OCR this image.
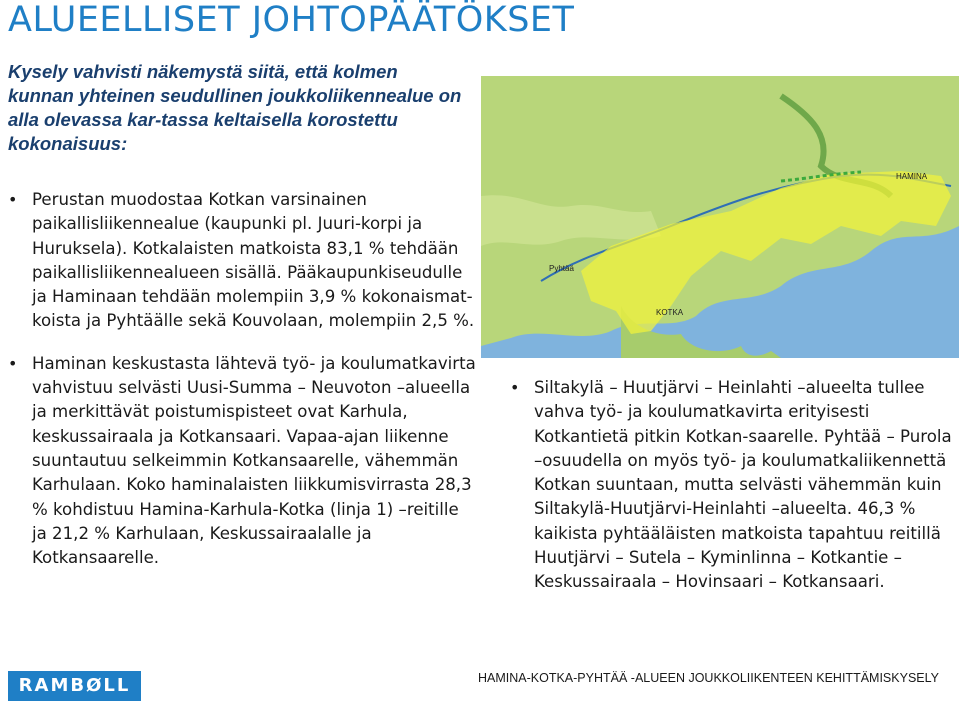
ALUEELLISET JOHTOPÄÄTÖKSET
Kysely vahvisti näkemystä siitä, että kolmen kunnan yhteinen seudullinen joukkoliikennealue on alla olevassa kar-tassa keltaisella korostettu kokonaisuus:
• Perustan muodostaa Kotkan varsinainen paikallisliikennealue (kaupunki pl. Juuri-korpi ja Huruksela). Kotkalaisten matkoista 83,1 % tehdään paikallisliikennealueen sisällä. Pääkaupunkiseudulle ja Haminaan tehdään molempiin 3,9 % kokonaismat-koista ja Pyhtäälle sekä Kouvolaan, molempiin 2,5 %.
• Haminan keskustasta lähtevä työ- ja koulumatkavirta vahvistuu selvästi Uusi-Summa – Neuvoton –alueella ja merkittävät poistumispisteet ovat Karhula, keskussairaala ja Kotkansaari. Vapaa-ajan liikenne suuntautuu selkeimmin Kotkansaarelle, vähemmän Karhulaan. Koko haminalaisten liikkumisvirrasta 28,3 % kohdistuu Hamina-Karhula-Kotka (linja 1) –reitille ja 21,2 % Karhulaan, Keskussairaalalle ja Kotkansaarelle.
HAMINA
Pyhtää
KOTKA
• Siltakylä – Huutjärvi – Heinlahti –alueelta tullee vahva työ- ja koulumatkavirta erityisesti Kotkantietä pitkin Kotkan-saarelle. Pyhtää – Purola –osuudella on myös työ- ja koulumatkaliikennettä Kotkan suuntaan, mutta selvästi vähemmän kuin Siltakylä-Huutjärvi-Heinlahti –alueelta. 46,3 % kaikista pyhtääläisten matkoista tapahtuu reitillä Huutjärvi – Sutela – Kyminlinna – Kotkantie – Keskussairaala – Hovinsaari – Kotkansaari.
RAMBØLL	HAMINA-KOTKA-PYHTÄÄ -ALUEEN JOUKKOLIIKENTEEN KEHITTÄMISKYSELY
